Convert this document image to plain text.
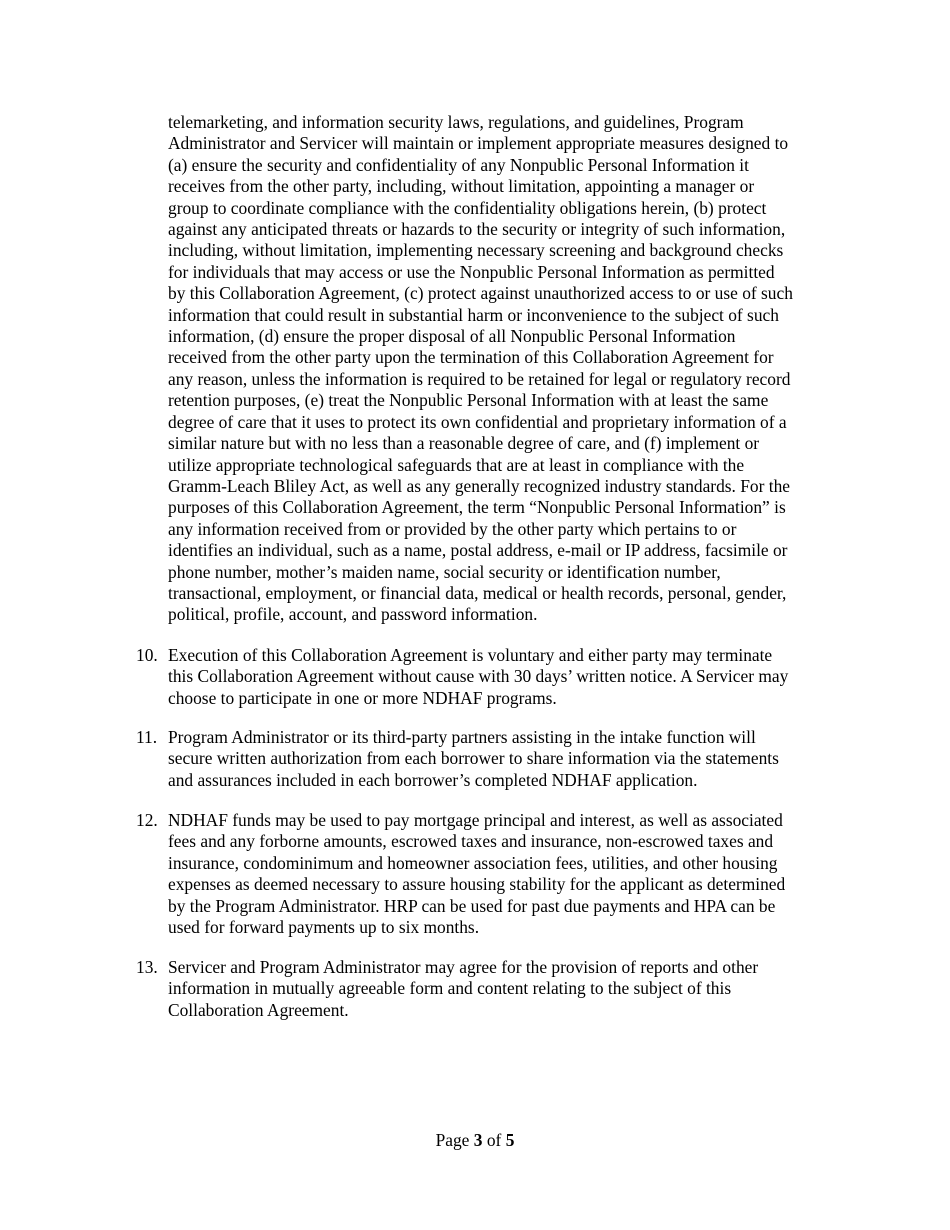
telemarketing, and information security laws, regulations, and guidelines, Program
Administrator and Servicer will maintain or implement appropriate measures designed to
(a) ensure the security and confidentiality of any Nonpublic Personal Information it
receives from the other party, including, without limitation, appointing a manager or
group to coordinate compliance with the confidentiality obligations herein, (b) protect
against any anticipated threats or hazards to the security or integrity of such information,
including, without limitation, implementing necessary screening and background checks
for individuals that may access or use the Nonpublic Personal Information as permitted
by this Collaboration Agreement, (c) protect against unauthorized access to or use of such
information that could result in substantial harm or inconvenience to the subject of such
information, (d) ensure the proper disposal of all Nonpublic Personal Information
received from the other party upon the termination of this Collaboration Agreement for
any reason, unless the information is required to be retained for legal or regulatory record
retention purposes, (e) treat the Nonpublic Personal Information with at least the same
degree of care that it uses to protect its own confidential and proprietary information of a
similar nature but with no less than a reasonable degree of care, and (f) implement or
utilize appropriate technological safeguards that are at least in compliance with the
Gramm-Leach Bliley Act, as well as any generally recognized industry standards. For the
purposes of this Collaboration Agreement, the term “Nonpublic Personal Information” is
any information received from or provided by the other party which pertains to or
identifies an individual, such as a name, postal address, e-mail or IP address, facsimile or
phone number, mother’s maiden name, social security or identification number,
transactional, employment, or financial data, medical or health records, personal, gender,
political, profile, account, and password information.
10. Execution of this Collaboration Agreement is voluntary and either party may terminate
this Collaboration Agreement without cause with 30 days’ written notice. A Servicer may
choose to participate in one or more NDHAF programs.
11. Program Administrator or its third-party partners assisting in the intake function will
secure written authorization from each borrower to share information via the statements
and assurances included in each borrower’s completed NDHAF application.
12. NDHAF funds may be used to pay mortgage principal and interest, as well as associated
fees and any forborne amounts, escrowed taxes and insurance, non-escrowed taxes and
insurance, condominimum and homeowner association fees, utilities, and other housing
expenses as deemed necessary to assure housing stability for the applicant as determined
by the Program Administrator. HRP can be used for past due payments and HPA can be
used for forward payments up to six months.
13. Servicer and Program Administrator may agree for the provision of reports and other
information in mutually agreeable form and content relating to the subject of this
Collaboration Agreement.
Page 3 of 5
